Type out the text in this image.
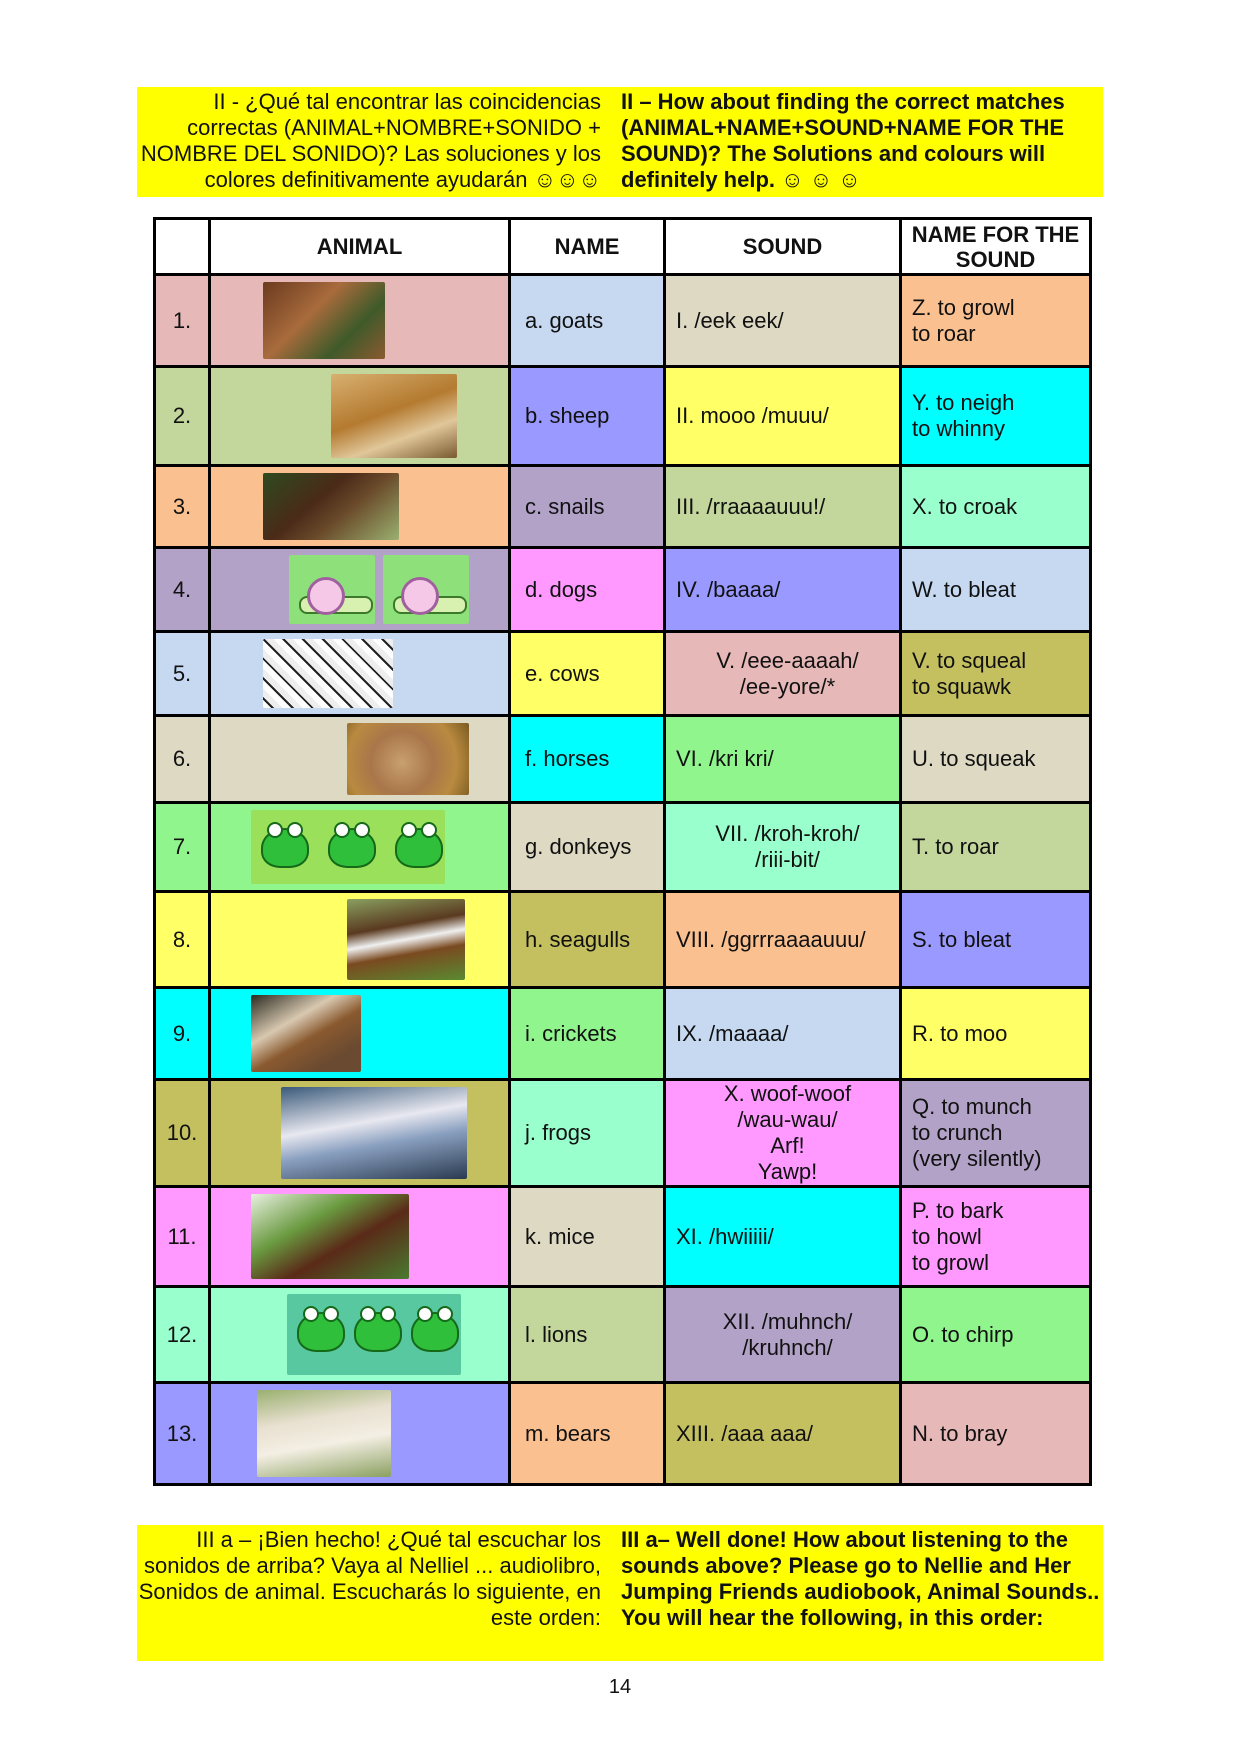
II - ¿Qué tal encontrar las coincidencias correctas (ANIMAL+NOMBRE+SONIDO + NOMBRE DEL SONIDO)? Las soluciones y los colores definitivamente ayudarán ☺☺☺
II – How about finding the correct matches (ANIMAL+NAME+SOUND+NAME FOR THE SOUND)? The Solutions and colours will definitely help. ☺ ☺ ☺
	ANIMAL	NAME	SOUND	NAME FOR THE SOUND
1.		a. goats	I. /eek eek/	Z. to growl
to roar
2.		b. sheep	II. mooo /muuu/	Y. to neigh
to whinny
3.		c. snails	III. /rraaaauuu!/	X. to croak
4.		d. dogs	IV. /baaaa/	W. to bleat
5.		e. cows	V. /eee-aaaah/
/ee-yore/*	V. to squeal
to squawk
6.		f. horses	VI. /kri kri/	U. to squeak
7.		g. donkeys	VII. /kroh-kroh/
/riii-bit/	T. to roar
8.		h. seagulls	VIII. /ggrrraaaauuu/	S. to bleat
9.		i. crickets	IX. /maaaa/	R. to moo
10.		j. frogs	X. woof-woof
/wau-wau/
Arf!
Yawp!	Q. to munch
to crunch
(very silently)
11.		k. mice	XI. /hwiiiii/	P. to bark
to howl
to growl
12.		l. lions	XII. /muhnch/
/kruhnch/	O. to chirp
13.		m. bears	XIII. /aaa aaa/	N. to bray
III a – ¡Bien hecho! ¿Qué tal escuchar los sonidos de arriba? Vaya al Nelliel ... audiolibro, Sonidos de animal. Escucharás lo siguiente, en este orden:
III a– Well done! How about listening to the sounds above? Please go to Nellie and Her Jumping Friends audiobook, Animal Sounds.. You will hear the following, in this order:
14
